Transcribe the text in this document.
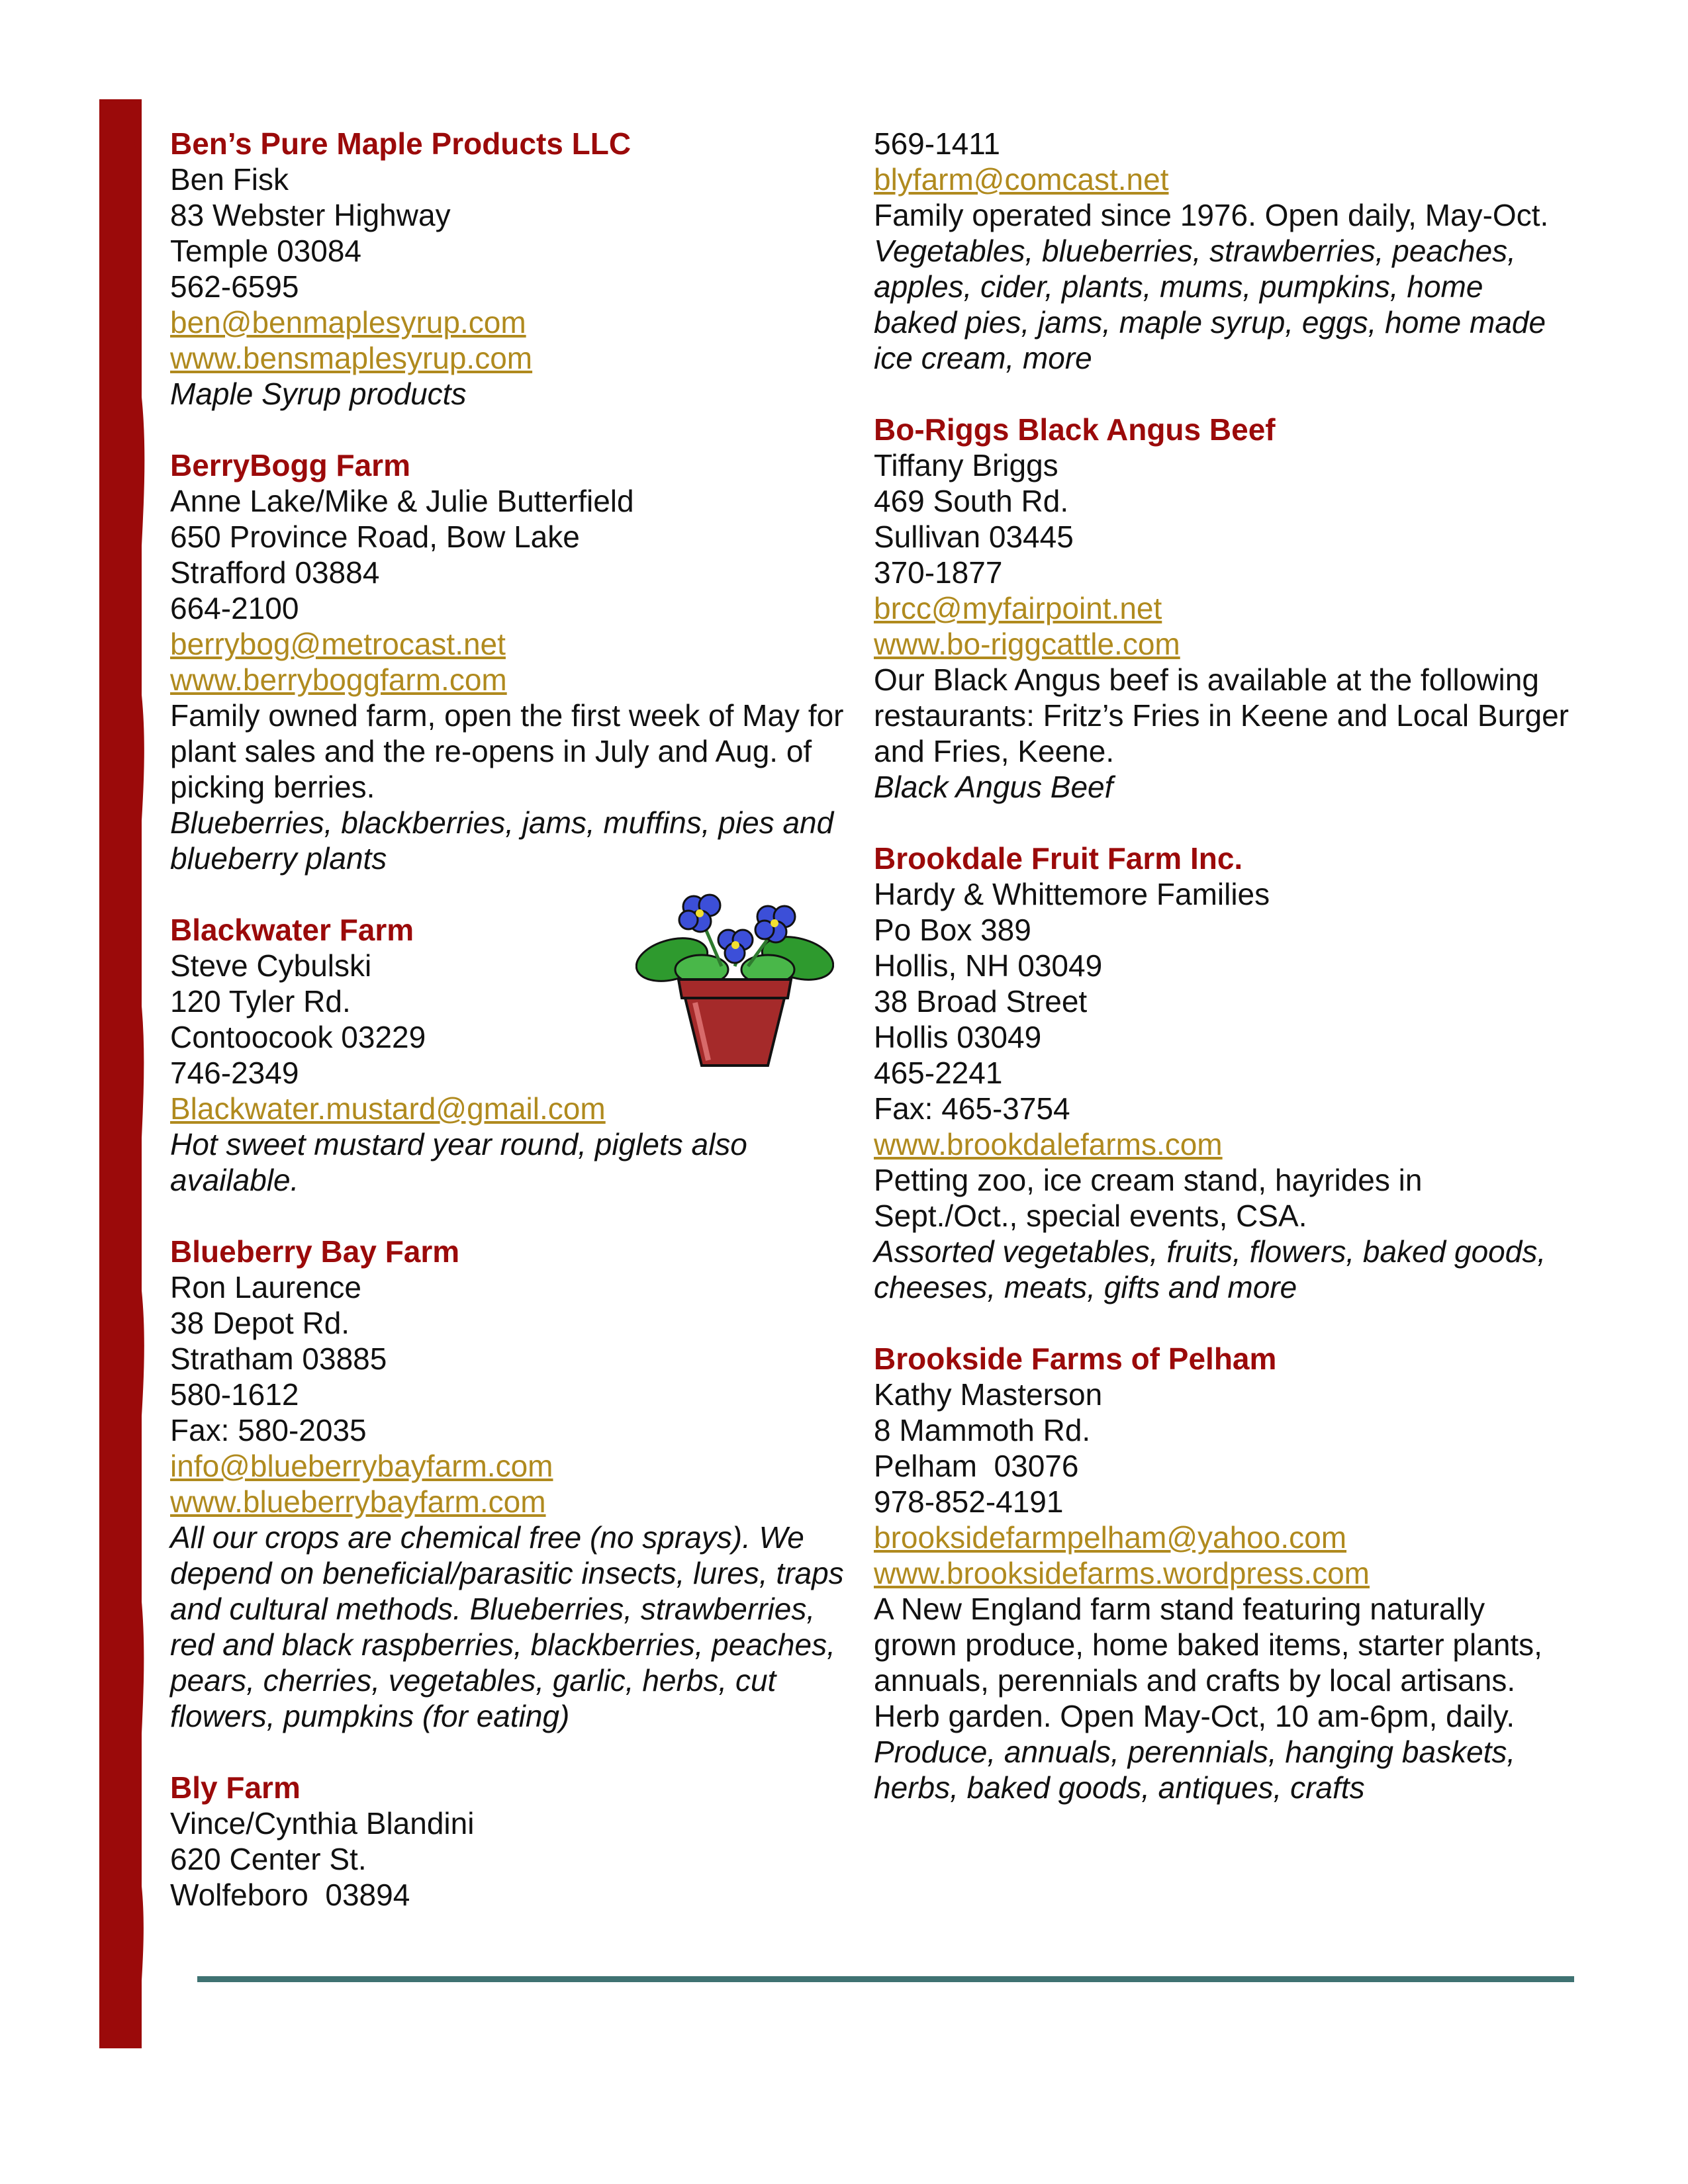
Ben’s Pure Maple Products LLC
Ben Fisk
83 Webster Highway
Temple 03084
562-6595
ben@benmaplesyrup.com
www.bensmaplesyrup.com
Maple Syrup products
BerryBogg Farm
Anne Lake/Mike & Julie Butterfield
650 Province Road, Bow Lake
Strafford 03884
664-2100
berrybog@metrocast.net
www.berryboggfarm.com
Family owned farm, open the first week of May for plant sales and the re-opens in July and Aug. of picking berries.
Blueberries, blackberries, jams, muffins, pies and blueberry plants
Blackwater Farm
Steve Cybulski
120 Tyler Rd.
Contoocook 03229
746-2349
Blackwater.mustard@gmail.com
Hot sweet mustard year round, piglets also available.
Blueberry Bay Farm
Ron Laurence
38 Depot Rd.
Stratham 03885
580-1612
Fax: 580-2035
info@blueberrybayfarm.com
www.blueberrybayfarm.com
All our crops are chemical free (no sprays). We depend on beneficial/parasitic insects, lures, traps and cultural methods. Blueberries, strawberries, red and black raspberries, blackberries, peaches, pears, cherries, vegetables, garlic, herbs, cut flowers, pumpkins (for eating)
Bly Farm
Vince/Cynthia Blandini
620 Center St.
Wolfeboro  03894
569-1411
blyfarm@comcast.net
Family operated since 1976. Open daily, May-Oct.
Vegetables, blueberries, strawberries, peaches, apples, cider, plants, mums, pumpkins, home baked pies, jams, maple syrup, eggs, home made ice cream, more
Bo-Riggs Black Angus Beef
Tiffany Briggs
469 South Rd.
Sullivan 03445
370-1877
brcc@myfairpoint.net
www.bo-riggcattle.com
Our Black Angus beef is available at the following restaurants: Fritz’s Fries in Keene and Local Burger and Fries, Keene.
Black Angus Beef
Brookdale Fruit Farm Inc.
Hardy & Whittemore Families
Po Box 389
Hollis, NH 03049
38 Broad Street
Hollis 03049
465-2241
Fax: 465-3754
www.brookdalefarms.com
Petting zoo, ice cream stand, hayrides in Sept./Oct., special events, CSA.
Assorted vegetables, fruits, flowers, baked goods, cheeses, meats, gifts and more
Brookside Farms of Pelham
Kathy Masterson
8 Mammoth Rd.
Pelham  03076
978-852-4191
brooksidefarmpelham@yahoo.com
www.brooksidefarms.wordpress.com
A New England farm stand featuring naturally grown produce, home baked items, starter plants, annuals, perennials and crafts by local artisans. Herb garden. Open May-Oct, 10 am-6pm, daily.
Produce, annuals, perennials, hanging baskets, herbs, baked goods, antiques, crafts
